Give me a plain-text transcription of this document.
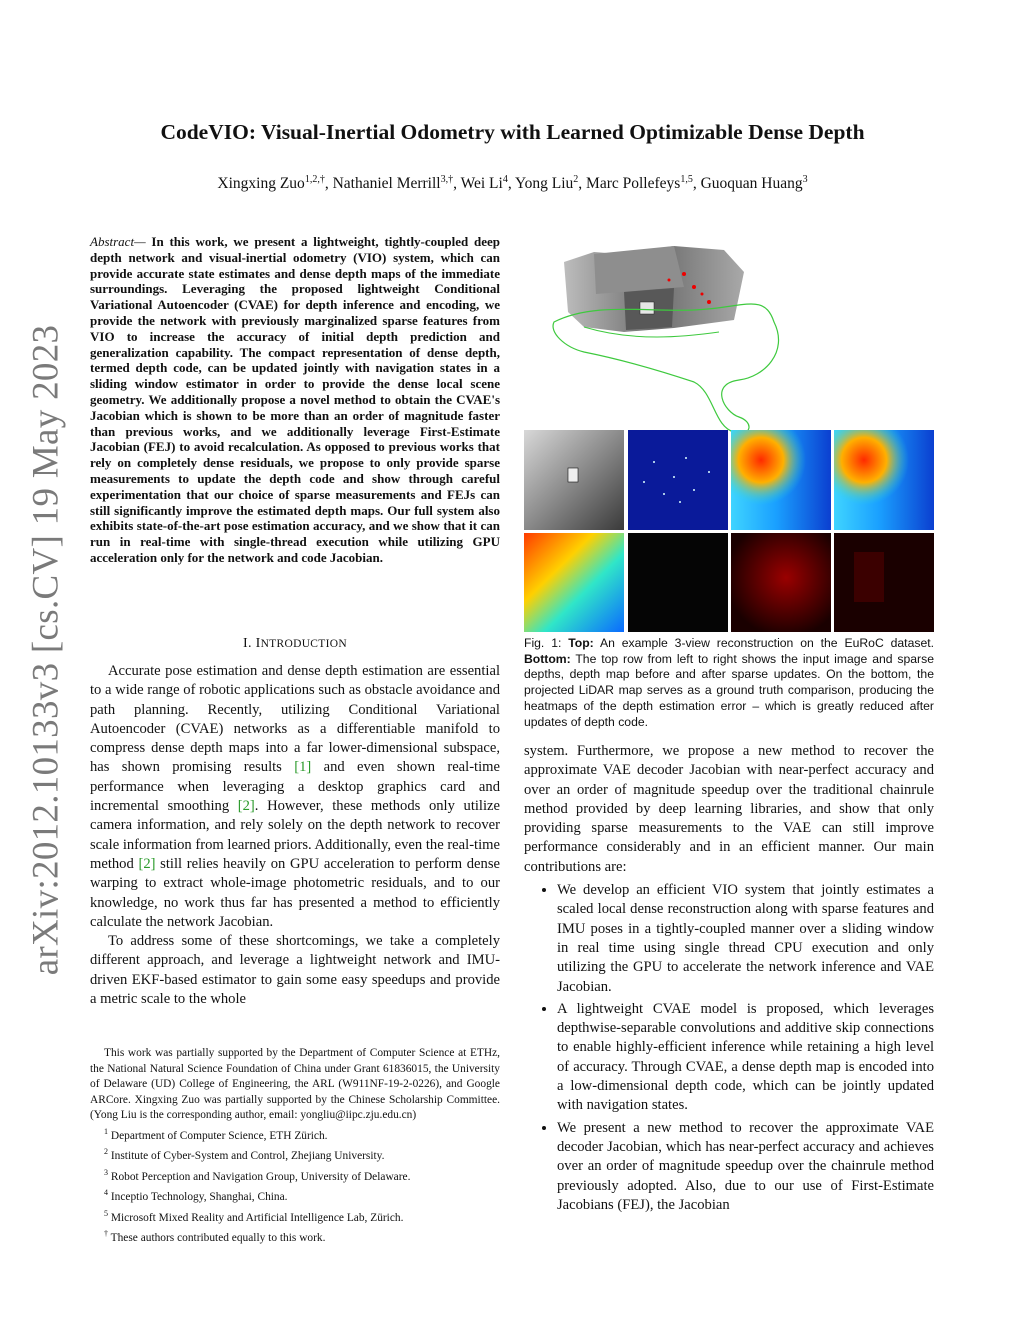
arXiv:2012.10133v3 [cs.CV] 19 May 2023
CodeVIO: Visual-Inertial Odometry with Learned Optimizable Dense Depth
Xingxing Zuo$^{1,2,\dagger}$, Nathaniel Merrill$^{3,\dagger}$, Wei Li$^4$, Yong Liu$^2$, Marc Pollefeys$^{1,5}$, Guoquan Huang$^3$
Abstract— In this work, we present a lightweight, tightly-coupled deep depth network and visual-inertial odometry (VIO) system, which can provide accurate state estimates and dense depth maps of the immediate surroundings. Leveraging the proposed lightweight Conditional Variational Autoencoder (CVAE) for depth inference and encoding, we provide the network with previously marginalized sparse features from VIO to increase the accuracy of initial depth prediction and generalization capability. The compact representation of dense depth, termed depth code, can be updated jointly with navigation states in a sliding window estimator in order to provide the dense local scene geometry. We additionally propose a novel method to obtain the CVAE's Jacobian which is shown to be more than an order of magnitude faster than previous works, and we additionally leverage First-Estimate Jacobian (FEJ) to avoid recalculation. As opposed to previous works that rely on completely dense residuals, we propose to only provide sparse measurements to update the depth code and show through careful experimentation that our choice of sparse measurements and FEJs can still significantly improve the estimated depth maps. Our full system also exhibits state-of-the-art pose estimation accuracy, and we show that it can run in real-time with single-thread execution while utilizing GPU acceleration only for the network and code Jacobian.
I. INTRODUCTION

Accurate pose estimation and dense depth estimation are essential to a wide range of robotic applications such as obstacle avoidance and path planning. Recently, utilizing Conditional Variational Autoencoder (CVAE) networks as a differentiable manifold to compress dense depth maps into a far lower-dimensional subspace, has shown promising results [1] and even shown real-time performance when leveraging a desktop graphics card and incremental smoothing [2]. However, these methods only utilize camera information, and rely solely on the depth network to recover scale information from learned priors. Additionally, even the real-time method [2] still relies heavily on GPU acceleration to perform dense warping to extract whole-image photometric residuals, and to our knowledge, no work thus far has presented a method to efficiently calculate the network Jacobian.

To address some of these shortcomings, we take a completely different approach, and leverage a lightweight network and IMU-driven EKF-based estimator to gain some easy speedups and provide a metric scale to the whole

This work was partially supported by the Department of Computer Science at ETHz, the National Natural Science Foundation of China under Grant 61836015, the University of Delaware (UD) College of Engineering, the ARL (W911NF-19-2-0226), and Google ARCore. Xingxing Zuo was partially supported by the Chinese Scholarship Committee. (Yong Liu is the corresponding author, email: yongliu@iipc.zju.edu.cn)

$^1$ Department of Computer Science, ETH Zürich.

$^2$ Institute of Cyber-System and Control, Zhejiang University.

$^3$ Robot Perception and Navigation Group, University of Delaware.

$^4$ Inceptio Technology, Shanghai, China.

$^5$ Microsoft Mixed Reality and Artificial Intelligence Lab, Zürich.

† These authors contributed equally to this work.

Fig. 1: Top: An example 3-view reconstruction on the EuRoC dataset. Bottom: The top row from left to right shows the input image and sparse depths, depth map before and after sparse updates. On the bottom, the projected LiDAR map serves as a ground truth comparison, producing the heatmaps of the depth estimation error – which is greatly reduced after updates of depth code.

system. Furthermore, we propose a new method to recover the approximate VAE decoder Jacobian with near-perfect accuracy and over an order of magnitude speedup over the traditional chainrule method provided by deep learning libraries, and show that only providing sparse measurements to the VAE can still improve performance considerably and in an efficient manner. Our main contributions are:

• We develop an efficient VIO system that jointly estimates a scaled local dense reconstruction along with sparse features and IMU poses in a tightly-coupled manner over a sliding window in real time using single thread CPU execution and only utilizing the GPU to accelerate the network inference and VAE Jacobian.
• A lightweight CVAE model is proposed, which leverages depthwise-separable convolutions and additive skip connections to enable highly-efficient inference while retaining a high level of accuracy. Through CVAE, a dense depth map is encoded into a low-dimensional depth code, which can be jointly updated with navigation states.
• We present a new method to recover the approximate VAE decoder Jacobian, which has near-perfect accuracy and achieves over an order of magnitude speedup over the chainrule method previously adopted. Also, due to our use of First-Estimate Jacobians (FEJ), the Jacobian
